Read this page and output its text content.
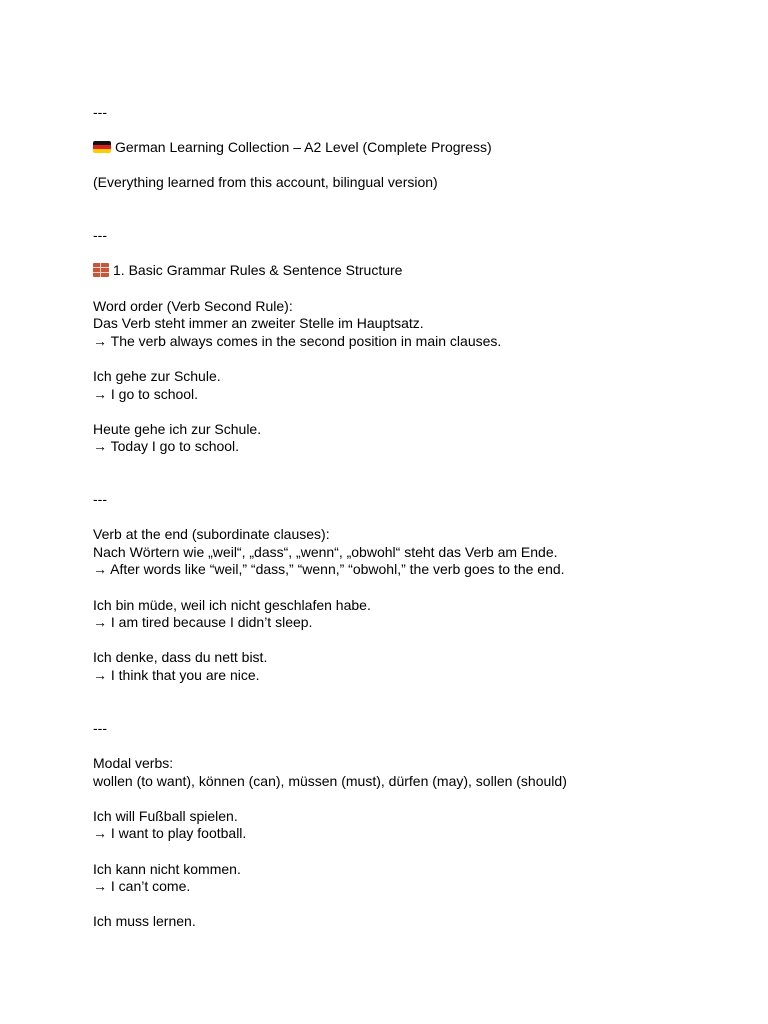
---
German Learning Collection – A2 Level (Complete Progress)
(Everything learned from this account, bilingual version)
---
1. Basic Grammar Rules & Sentence Structure
Word order (Verb Second Rule):
Das Verb steht immer an zweiter Stelle im Hauptsatz.
→ The verb always comes in the second position in main clauses.
Ich gehe zur Schule.
→ I go to school.
Heute gehe ich zur Schule.
→ Today I go to school.
---
Verb at the end (subordinate clauses):
Nach Wörtern wie „weil“, „dass“, „wenn“, „obwohl“ steht das Verb am Ende.
→ After words like “weil,” “dass,” “wenn,” “obwohl,” the verb goes to the end.
Ich bin müde, weil ich nicht geschlafen habe.
→ I am tired because I didn’t sleep.
Ich denke, dass du nett bist.
→ I think that you are nice.
---
Modal verbs:
wollen (to want), können (can), müssen (must), dürfen (may), sollen (should)
Ich will Fußball spielen.
→ I want to play football.
Ich kann nicht kommen.
→ I can’t come.
Ich muss lernen.
